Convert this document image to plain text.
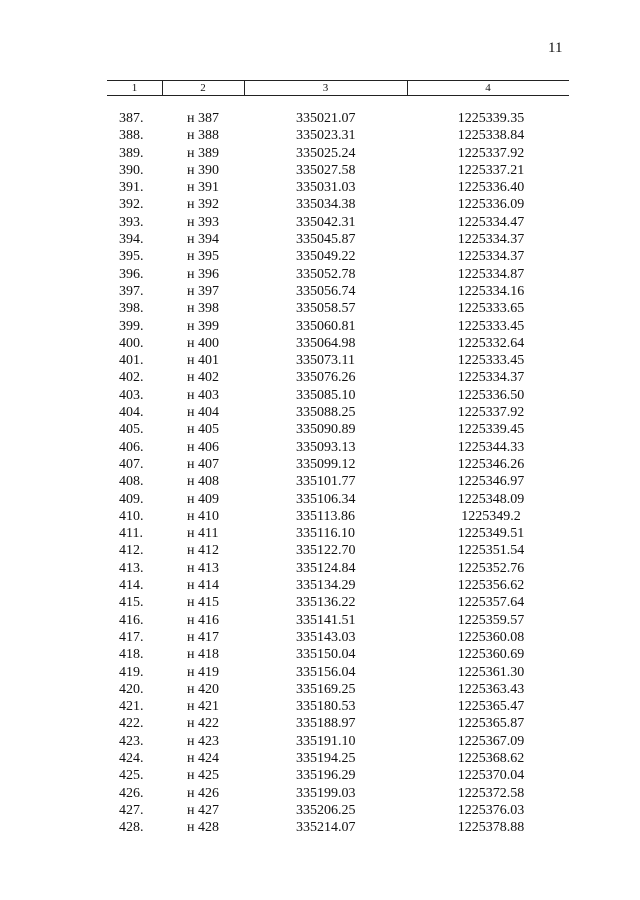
11
1	2	3	4
387.	н 387	335021.07	1225339.35
388.	н 388	335023.31	1225338.84
389.	н 389	335025.24	1225337.92
390.	н 390	335027.58	1225337.21
391.	н 391	335031.03	1225336.40
392.	н 392	335034.38	1225336.09
393.	н 393	335042.31	1225334.47
394.	н 394	335045.87	1225334.37
395.	н 395	335049.22	1225334.37
396.	н 396	335052.78	1225334.87
397.	н 397	335056.74	1225334.16
398.	н 398	335058.57	1225333.65
399.	н 399	335060.81	1225333.45
400.	н 400	335064.98	1225332.64
401.	н 401	335073.11	1225333.45
402.	н 402	335076.26	1225334.37
403.	н 403	335085.10	1225336.50
404.	н 404	335088.25	1225337.92
405.	н 405	335090.89	1225339.45
406.	н 406	335093.13	1225344.33
407.	н 407	335099.12	1225346.26
408.	н 408	335101.77	1225346.97
409.	н 409	335106.34	1225348.09
410.	н 410	335113.86	1225349.2
411.	н 411	335116.10	1225349.51
412.	н 412	335122.70	1225351.54
413.	н 413	335124.84	1225352.76
414.	н 414	335134.29	1225356.62
415.	н 415	335136.22	1225357.64
416.	н 416	335141.51	1225359.57
417.	н 417	335143.03	1225360.08
418.	н 418	335150.04	1225360.69
419.	н 419	335156.04	1225361.30
420.	н 420	335169.25	1225363.43
421.	н 421	335180.53	1225365.47
422.	н 422	335188.97	1225365.87
423.	н 423	335191.10	1225367.09
424.	н 424	335194.25	1225368.62
425.	н 425	335196.29	1225370.04
426.	н 426	335199.03	1225372.58
427.	н 427	335206.25	1225376.03
428.	н 428	335214.07	1225378.88
